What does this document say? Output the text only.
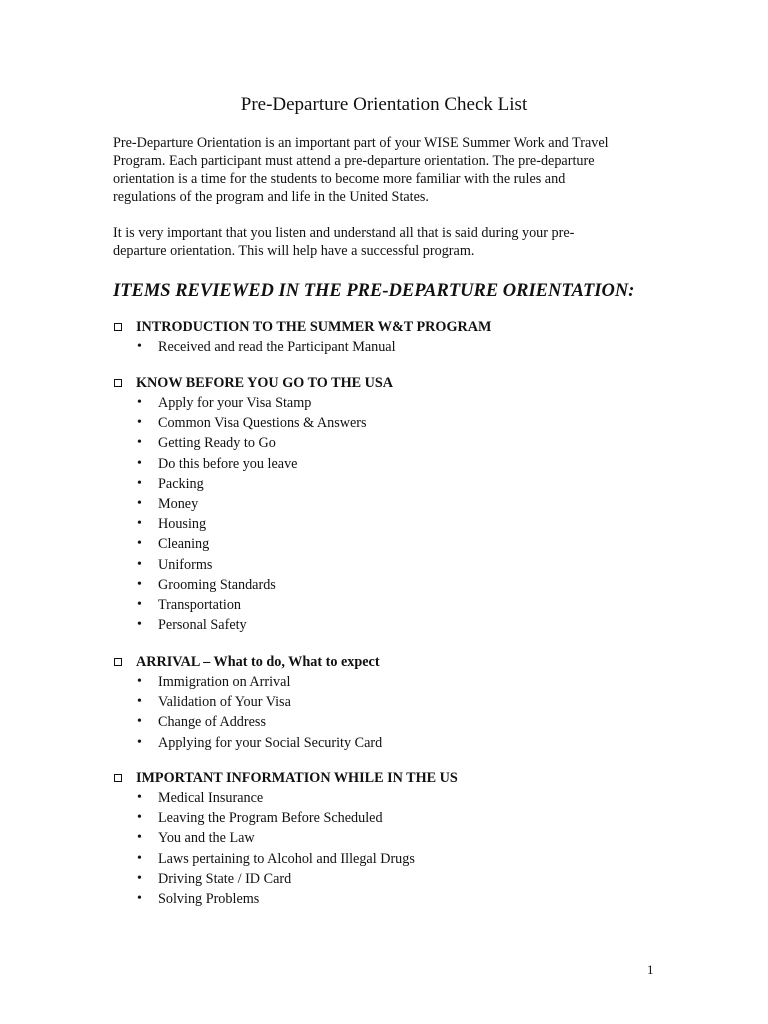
Pre-Departure Orientation Check List

Pre-Departure Orientation is an important part of your WISE Summer Work and Travel
Program. Each participant must attend a pre-departure orientation. The pre-departure
orientation is a time for the students to become more familiar with the rules and
regulations of the program and life in the United States.

It is very important that you listen and understand all that is said during your pre-
departure orientation. This will help have a successful program.

ITEMS REVIEWED IN THE PRE-DEPARTURE ORIENTATION:
INTRODUCTION TO THE SUMMER W&T PROGRAM
• Received and read the Participant Manual
KNOW BEFORE YOU GO TO THE USA
• Apply for your Visa Stamp
• Common Visa Questions & Answers
• Getting Ready to Go
• Do this before you leave
• Packing
• Money
• Housing
• Cleaning
• Uniforms
• Grooming Standards
• Transportation
• Personal Safety
ARRIVAL – What to do, What to expect
• Immigration on Arrival
• Validation of Your Visa
• Change of Address
• Applying for your Social Security Card
IMPORTANT INFORMATION WHILE IN THE US
• Medical Insurance
• Leaving the Program Before Scheduled
• You and the Law
• Laws pertaining to Alcohol and Illegal Drugs
• Driving State / ID Card
• Solving Problems
1
